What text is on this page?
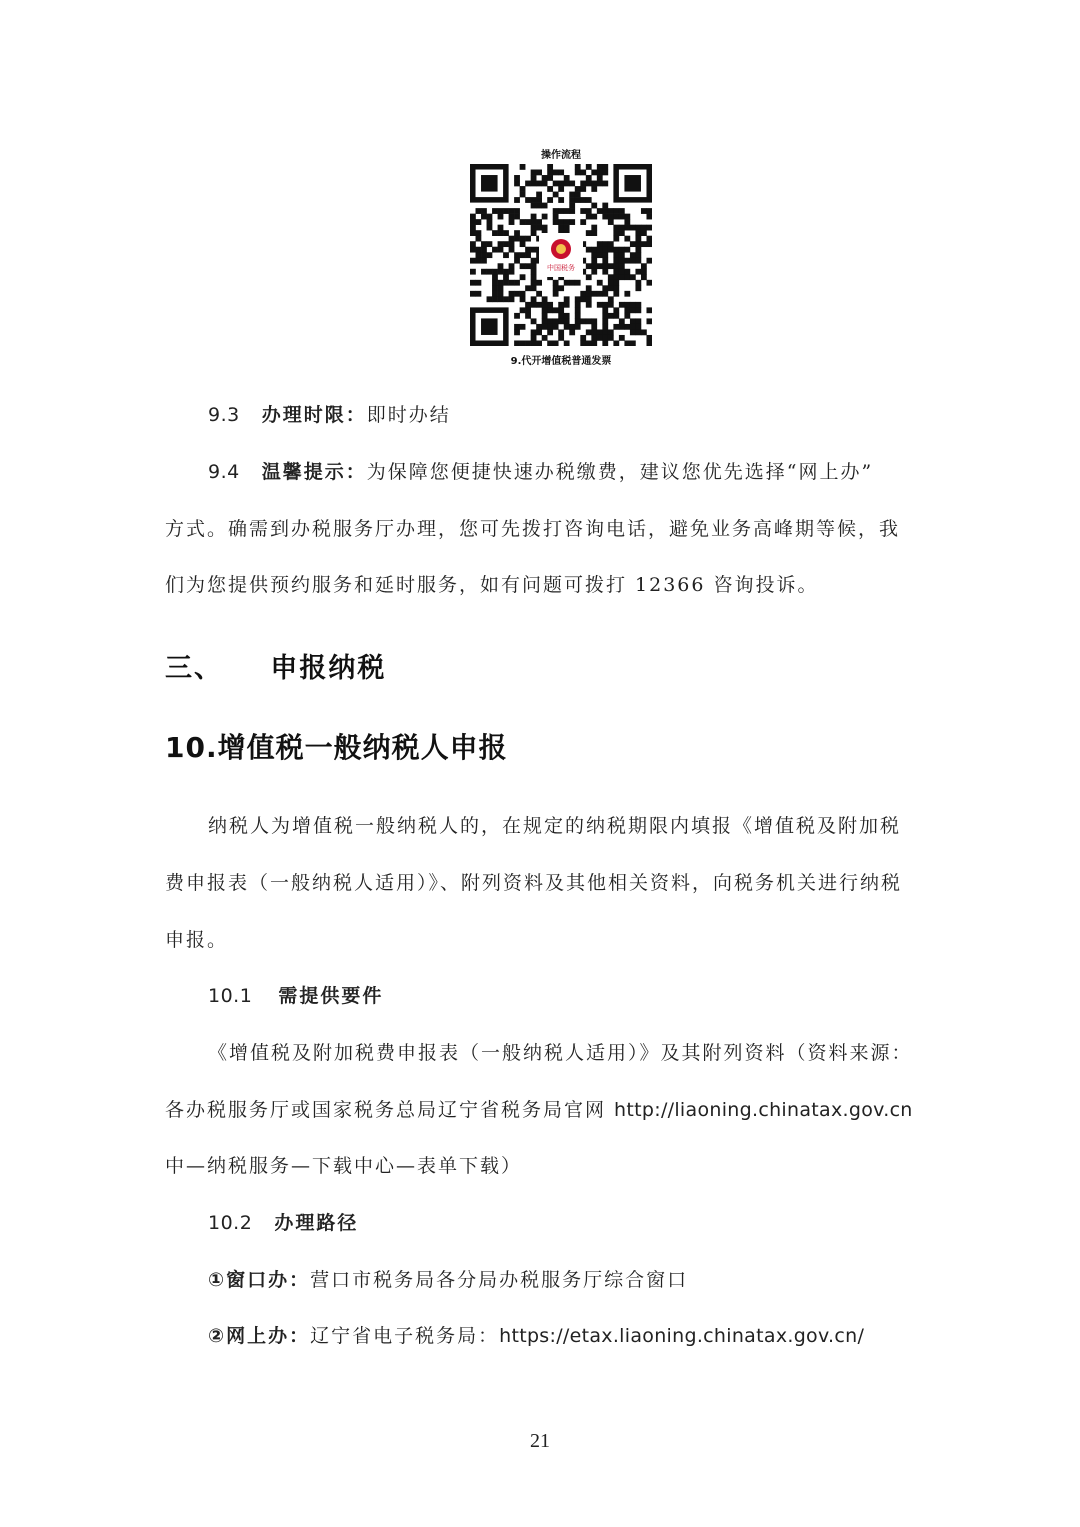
操作流程
中国税务
9.代开增值税普通发票
9.3 办理时限：即时办结
9.4 温馨提示：为保障您便捷快速办税缴费，建议您优先选择“网上办”
方式。确需到办税服务厅办理，您可先拨打咨询电话，避免业务高峰期等候，我
们为您提供预约服务和延时服务，如有问题可拨打 12366 咨询投诉。
三、 申报纳税
10.增值税一般纳税人申报
纳税人为增值税一般纳税人的，在规定的纳税期限内填报《增值税及附加税
费申报表（一般纳税人适用）》、附列资料及其他相关资料，向税务机关进行纳税
申报。
10.1 需提供要件
《增值税及附加税费申报表（一般纳税人适用）》及其附列资料（资料来源：
各办税服务厅或国家税务总局辽宁省税务局官网 http://liaoning.chinatax.gov.cn
中—纳税服务—下载中心—表单下载）
10.2 办理路径
①窗口办：营口市税务局各分局办税服务厅综合窗口
②网上办：辽宁省电子税务局：https://etax.liaoning.chinatax.gov.cn/
21
